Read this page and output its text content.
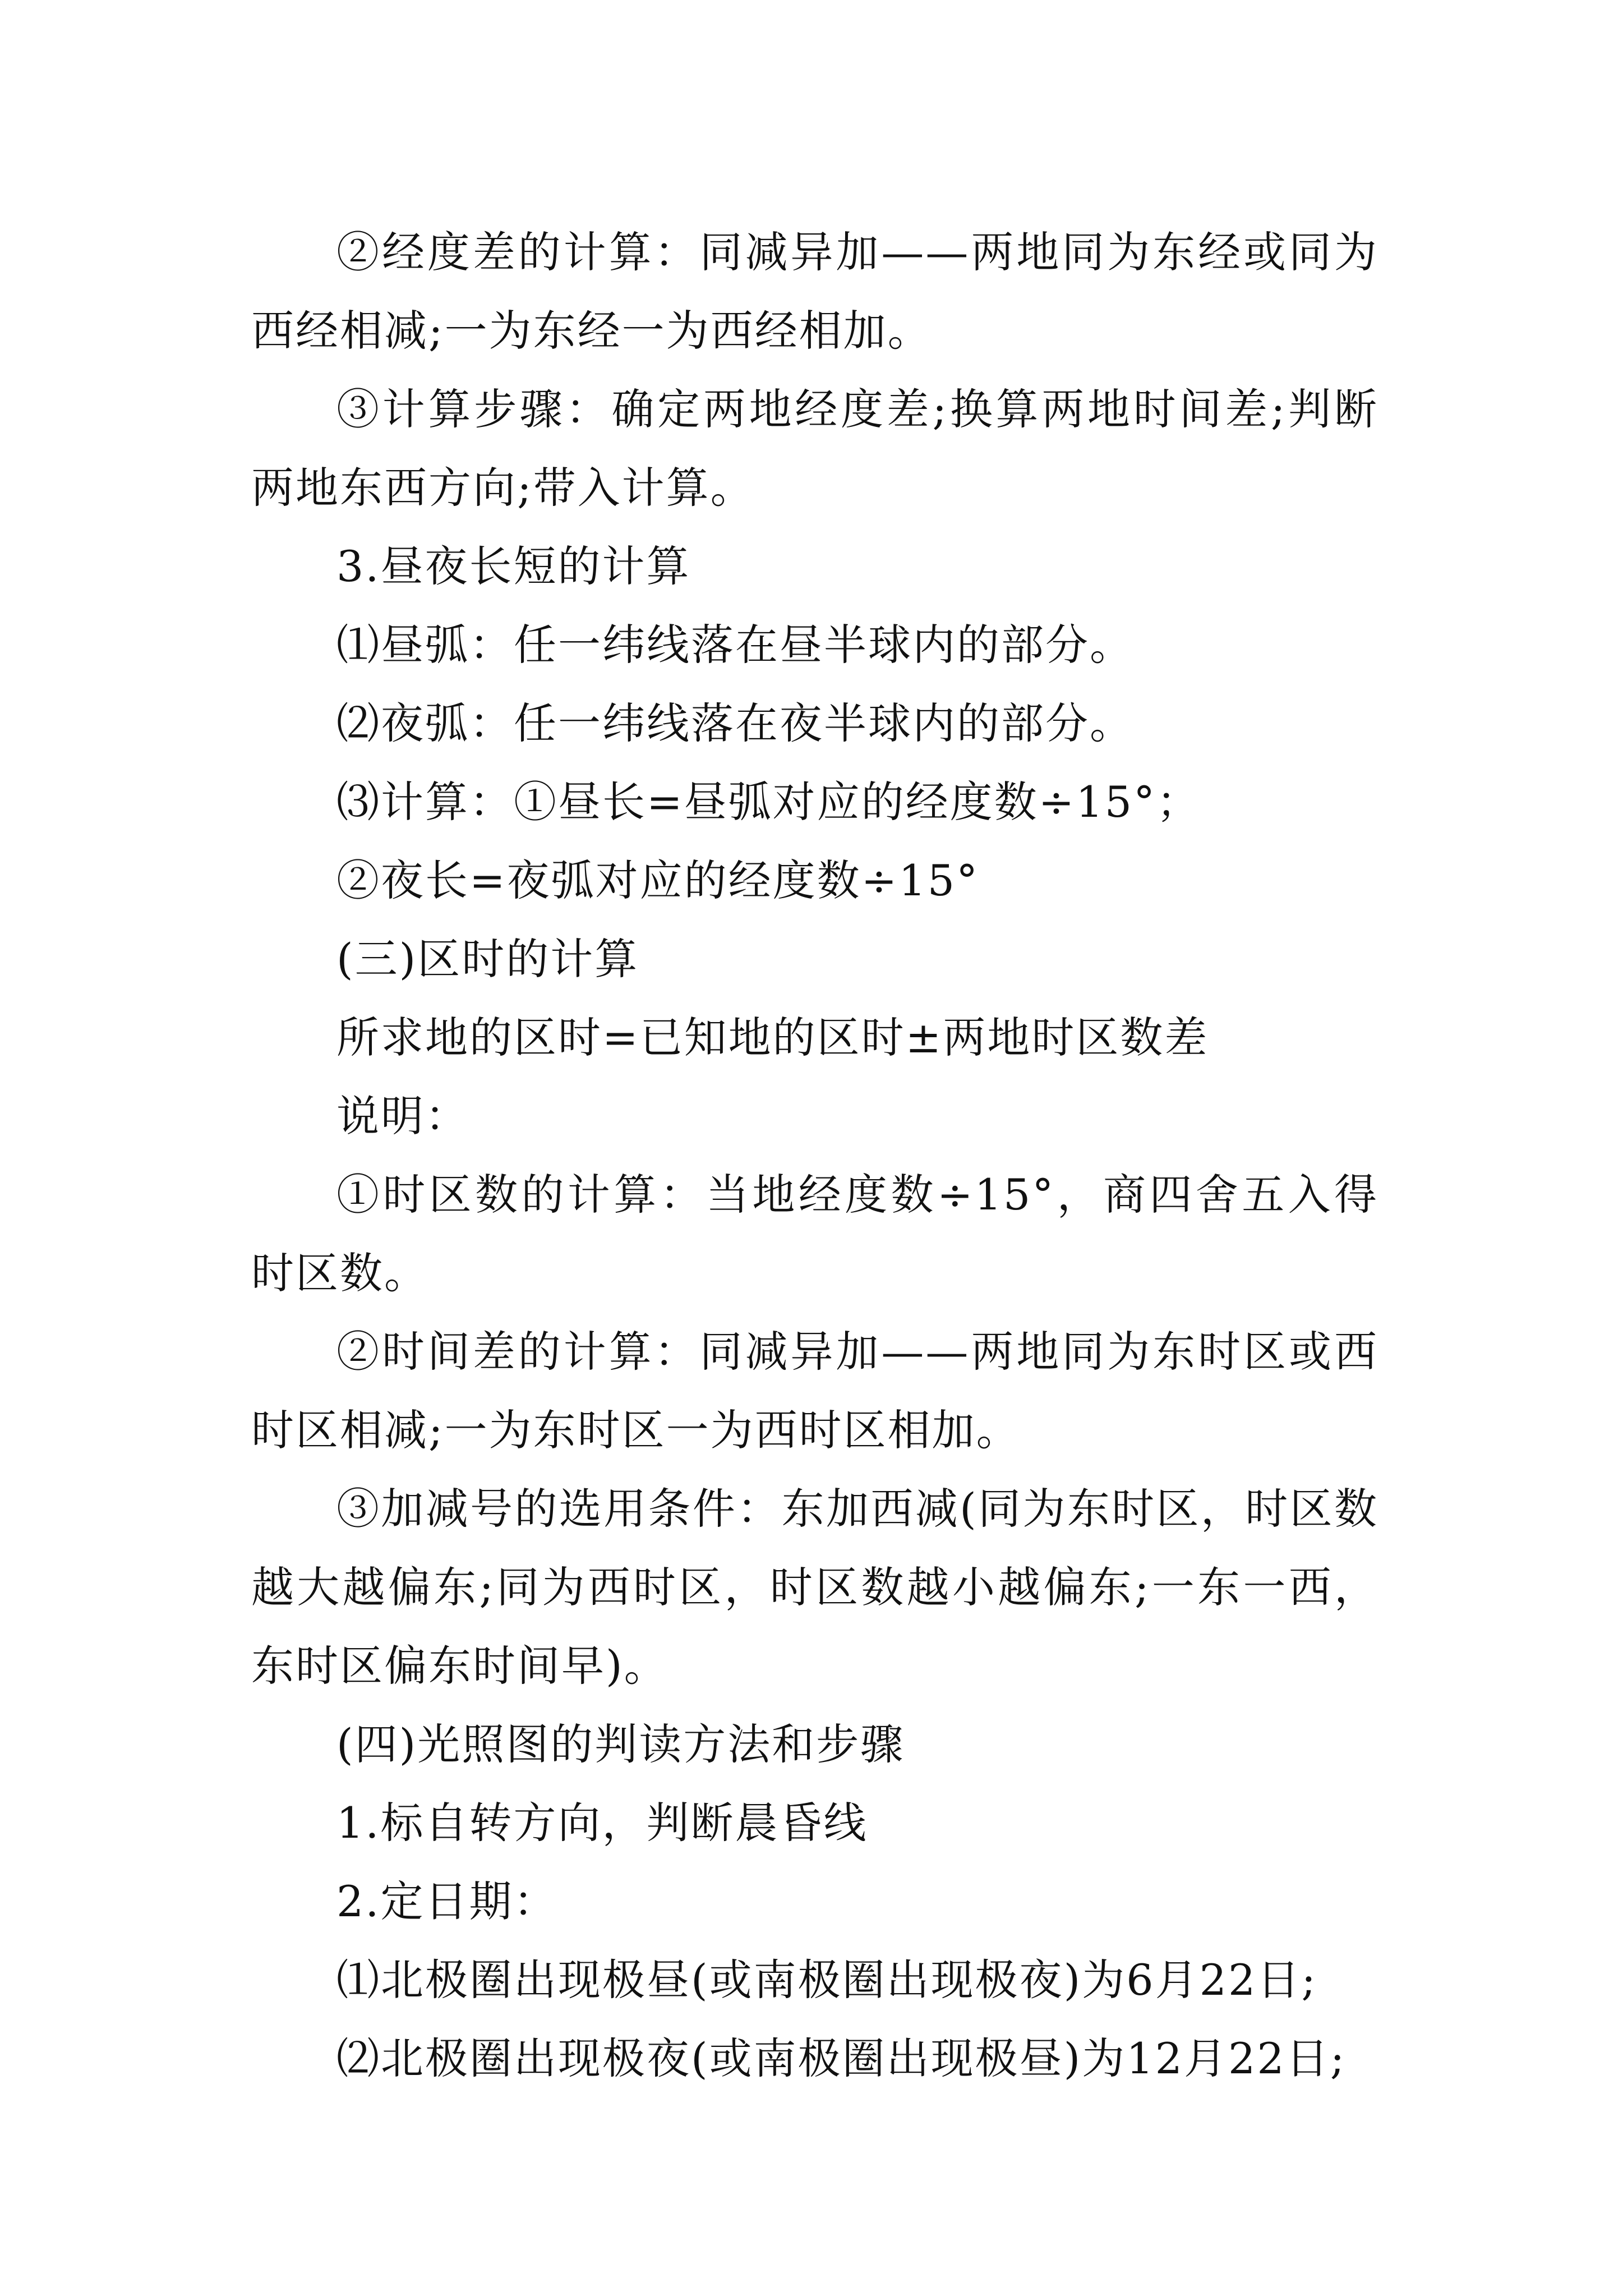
②经度差的计算：同减异加——两地同为东经或同为西经相减;一为东经一为西经相加。

③计算步骤：确定两地经度差;换算两地时间差;判断两地东西方向;带入计算。

3.昼夜长短的计算

⑴昼弧：任一纬线落在昼半球内的部分。

⑵夜弧：任一纬线落在夜半球内的部分。

⑶计算：①昼长=昼弧对应的经度数÷15°；

②夜长=夜弧对应的经度数÷15°

(三)区时的计算

所求地的区时=已知地的区时±两地时区数差

说明：

①时区数的计算：当地经度数÷15°，商四舍五入得时区数。

②时间差的计算：同减异加——两地同为东时区或西时区相减;一为东时区一为西时区相加。

③加减号的选用条件：东加西减(同为东时区，时区数越大越偏东;同为西时区，时区数越小越偏东;一东一西，东时区偏东时间早)。

(四)光照图的判读方法和步骤

1.标自转方向，判断晨昏线

2.定日期：

⑴北极圈出现极昼(或南极圈出现极夜)为6月22日;

⑵北极圈出现极夜(或南极圈出现极昼)为12月22日;
